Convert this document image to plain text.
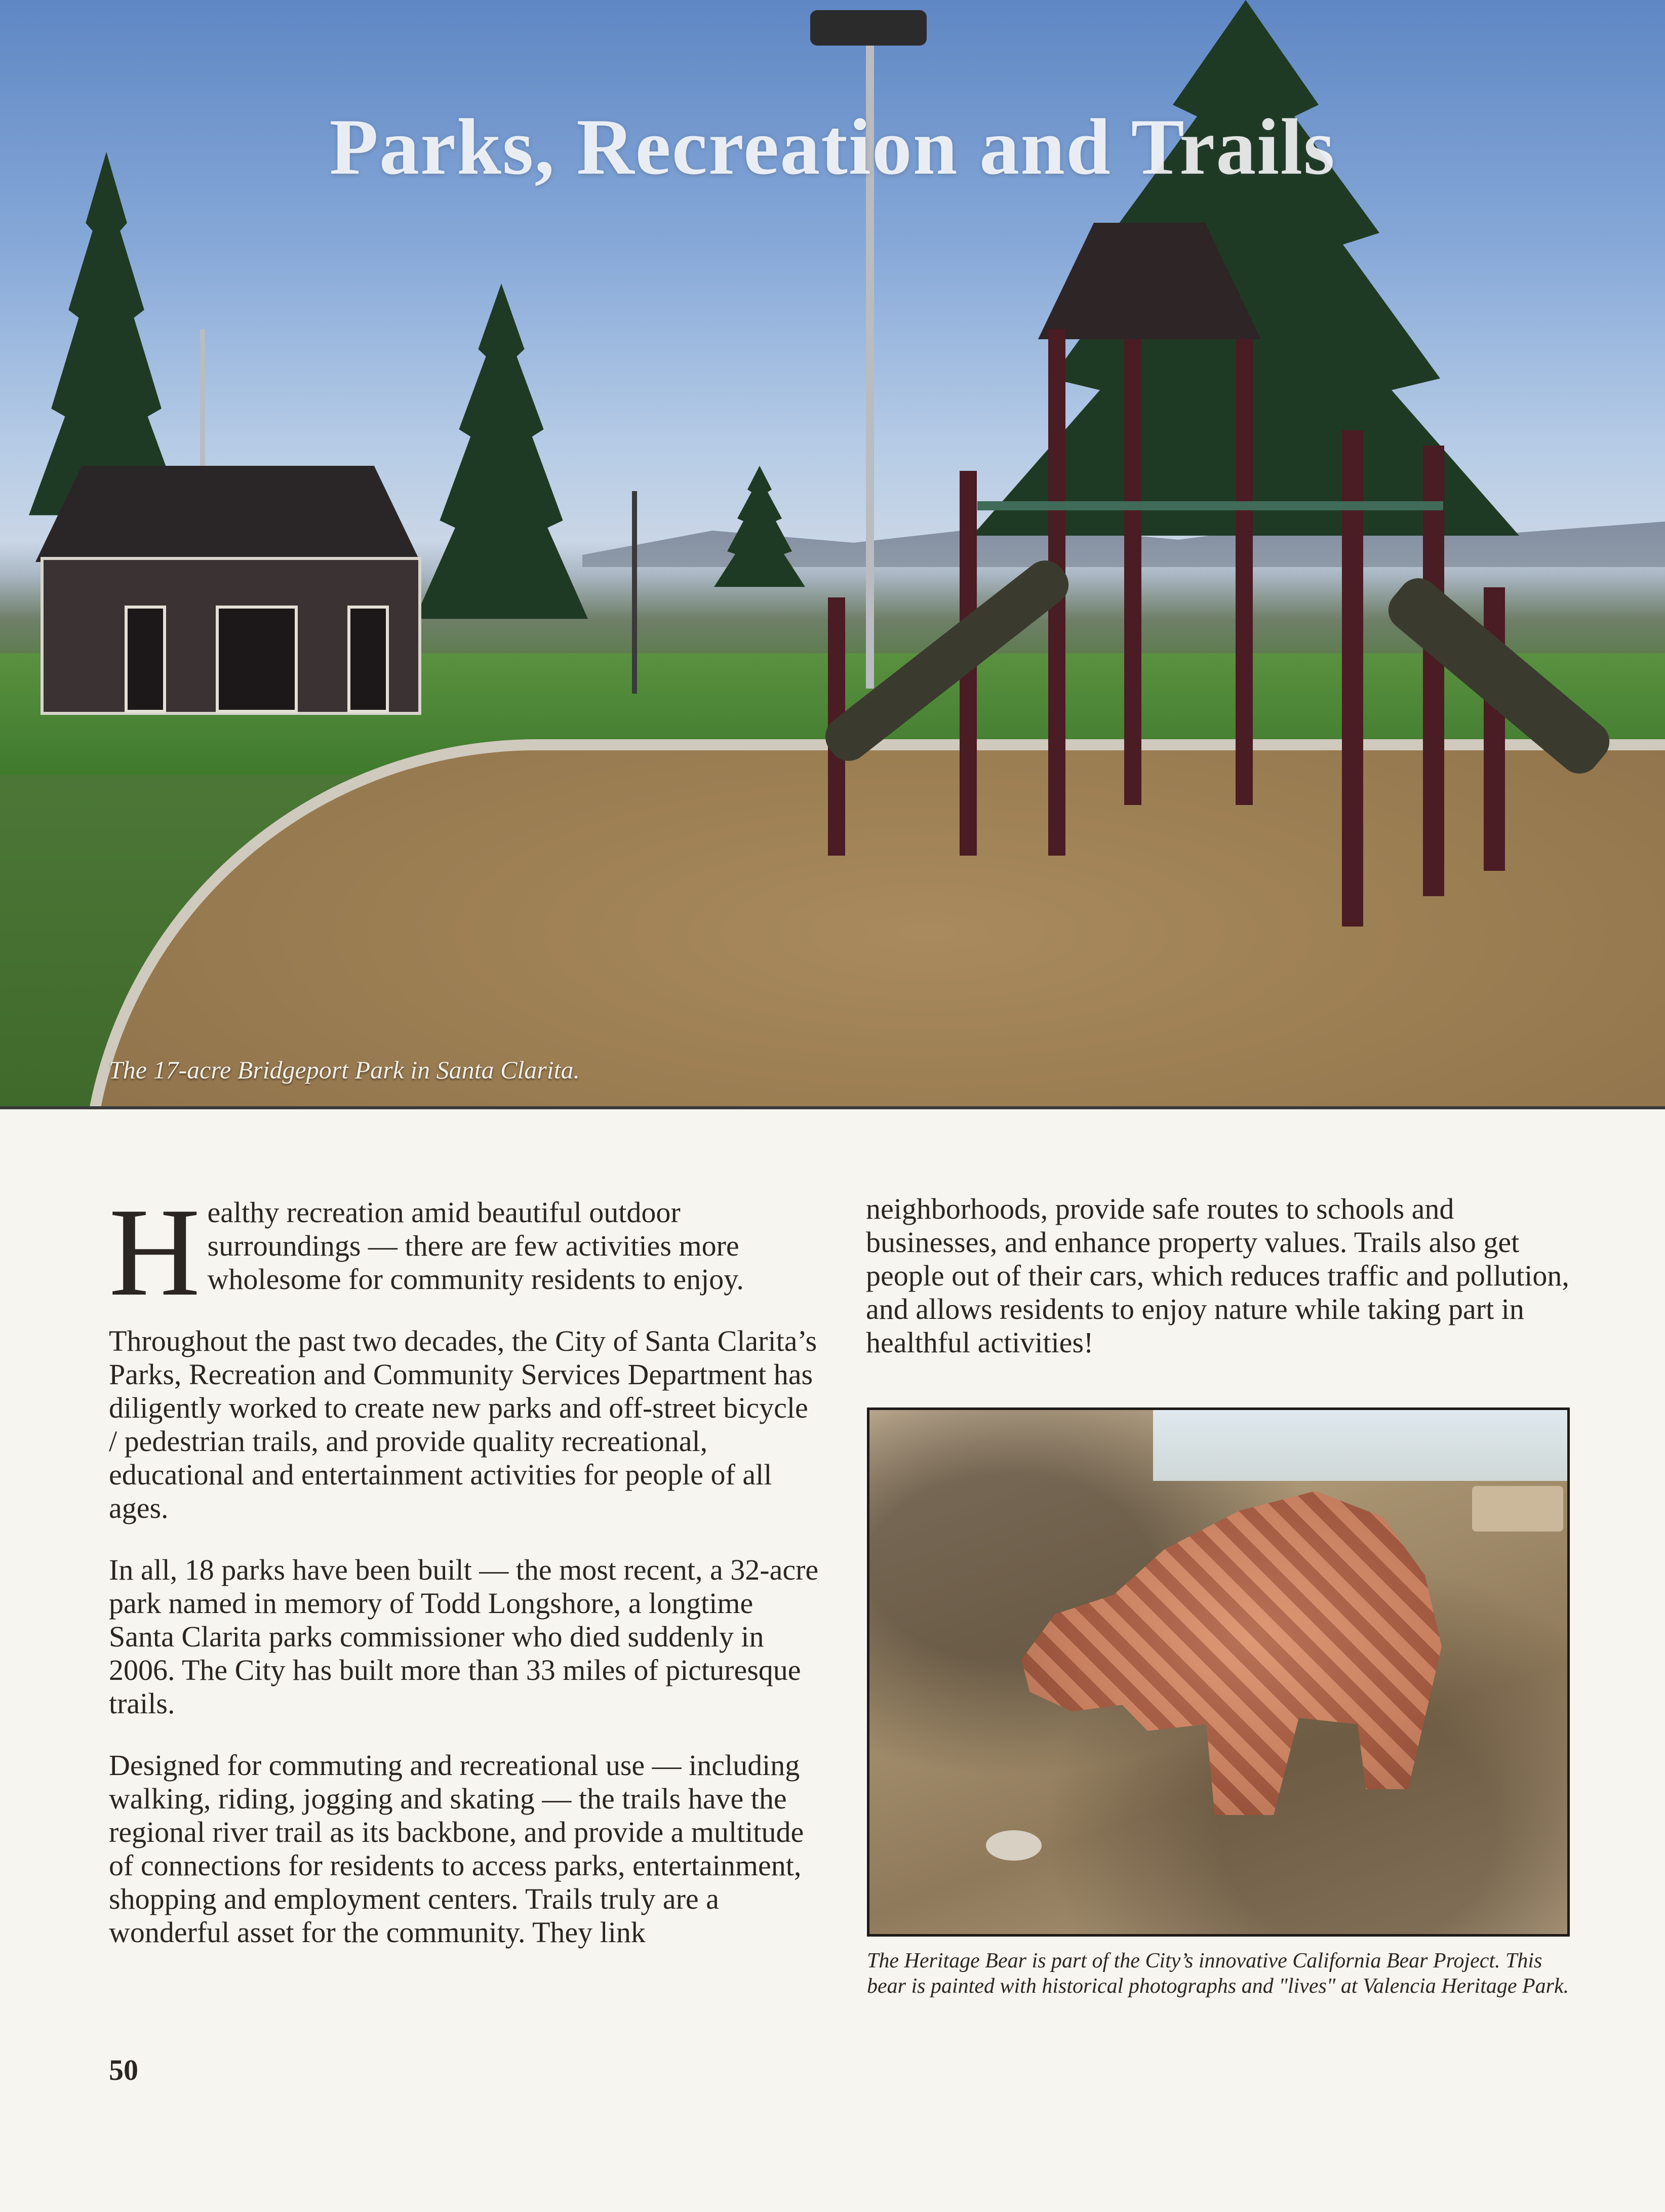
Parks, Recreation and Trails
The 17-acre Bridgeport Park in Santa Clarita.

Healthy recreation amid beautiful outdoor surroundings — there are few activities more wholesome for community residents to enjoy.

Throughout the past two decades, the City of Santa Clarita’s Parks, Recreation and Community Services Department has diligently worked to create new parks and off-street bicycle / pedestrian trails, and provide quality recreational, educational and entertainment activities for people of all ages.

In all, 18 parks have been built — the most recent, a 32-acre park named in memory of Todd Longshore, a longtime Santa Clarita parks commissioner who died suddenly in 2006. The City has built more than 33 miles of picturesque trails.

Designed for commuting and recreational use — including walking, riding, jogging and skating — the trails have the regional river trail as its backbone, and provide a multitude of connections for residents to access parks, entertainment, shopping and employment centers. Trails truly are a wonderful asset for the community. They link

neighborhoods, provide safe routes to schools and businesses, and enhance property values. Trails also get people out of their cars, which reduces traffic and pollution, and allows residents to enjoy nature while taking part in healthful activities!

The Heritage Bear is part of the City’s innovative California Bear Project. This bear is painted with historical photographs and "lives" at Valencia Heritage Park.
50
